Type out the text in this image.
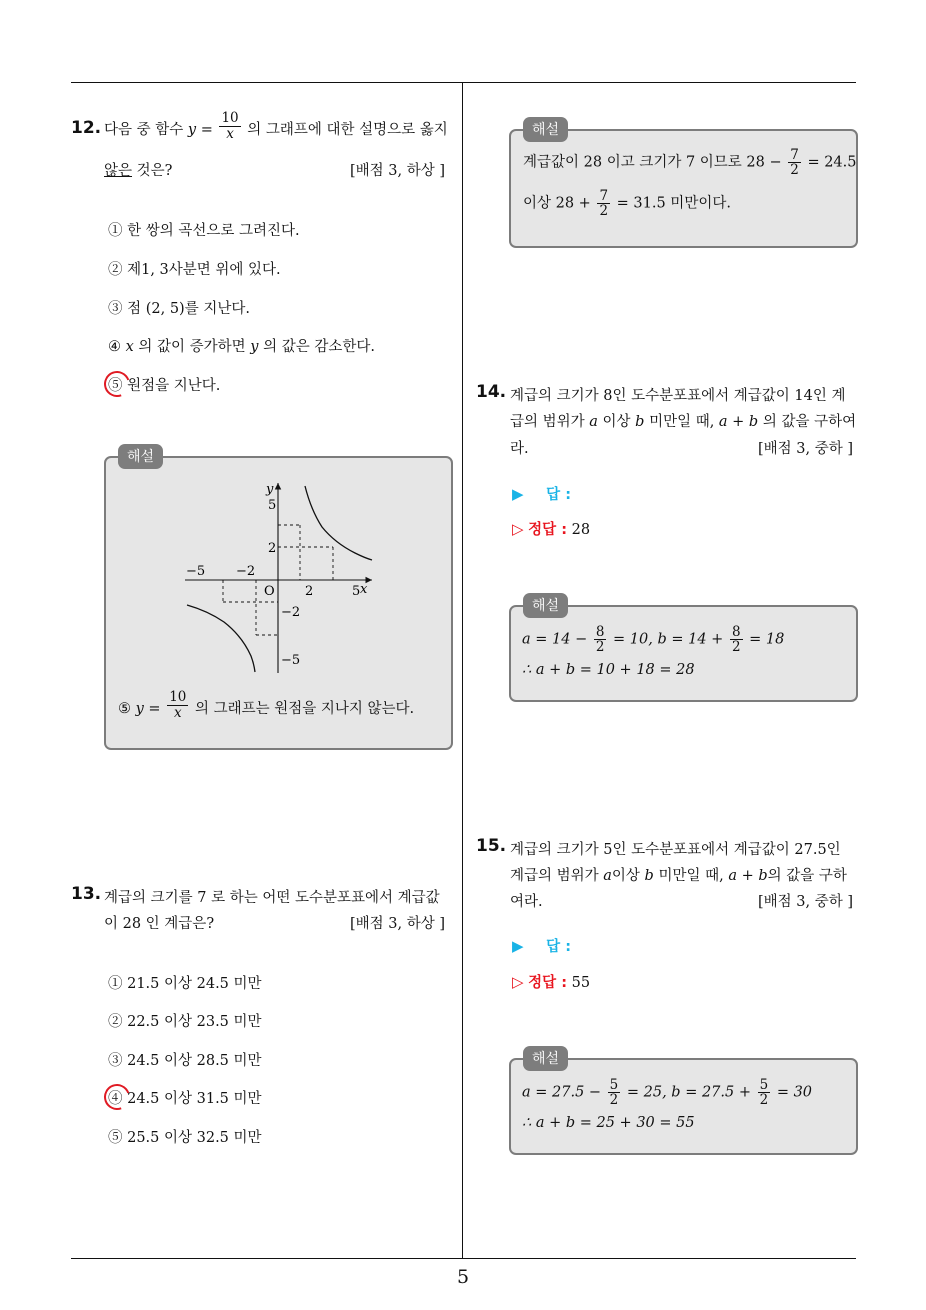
5
12. 다음 중 함수 $y = \frac{10}{x}$ 의 그래프에 대한 설명으로 옳지
않은 것은?	[배점 3, 하상 ]
① 한 쌍의 곡선으로 그려진다.
② 제1, 3사분면 위에 있다.
③ 점 (2, 5)를 지난다.
④ x 의 값이 증가하면 y 의 값은 감소한다.
⑤ 원점을 지난다.
해설
y
x
O
−5 −2
2	5
5
2
−2
−5
⑤ $y = \frac{10}{x}$ 의 그래프는 원점을 지나지 않는다.
13. 계급의 크기를 7 로 하는 어떤 도수분포표에서 계급값
이 28 인 계급은?	[배점 3, 하상 ]
① 21.5 이상 24.5 미만
② 22.5 이상 23.5 미만
③ 24.5 이상 28.5 미만
④ 24.5 이상 31.5 미만
⑤ 25.5 이상 32.5 미만
해설
계급값이 28 이고 크기가 7 이므로 $28 - \frac{7}{2} = 24.5$
이상 $28 + \frac{7}{2} = 31.5$ 미만이다.
14. 계급의 크기가 8인 도수분포표에서 계급값이 14인 계
급의 범위가 a 이상 b 미만일 때, a + b 의 값을 구하여
라.	[배점 3, 중하 ]
▶ 답 :
▷ 정답 : 28
해설
$a = 14 - \frac{8}{2} = 10$, $b = 14 + \frac{8}{2} = 18$
∴ a + b = 10 + 18 = 28
15. 계급의 크기가 5인 도수분포표에서 계급값이 27.5인
계급의 범위가 a이상 b 미만일 때, a + b의 값을 구하
여라.	[배점 3, 중하 ]
▶ 답 :
▷ 정답 : 55
해설
$a = 27.5 - \frac{5}{2} = 25$, $b = 27.5 + \frac{5}{2} = 30$
∴ a + b = 25 + 30 = 55
